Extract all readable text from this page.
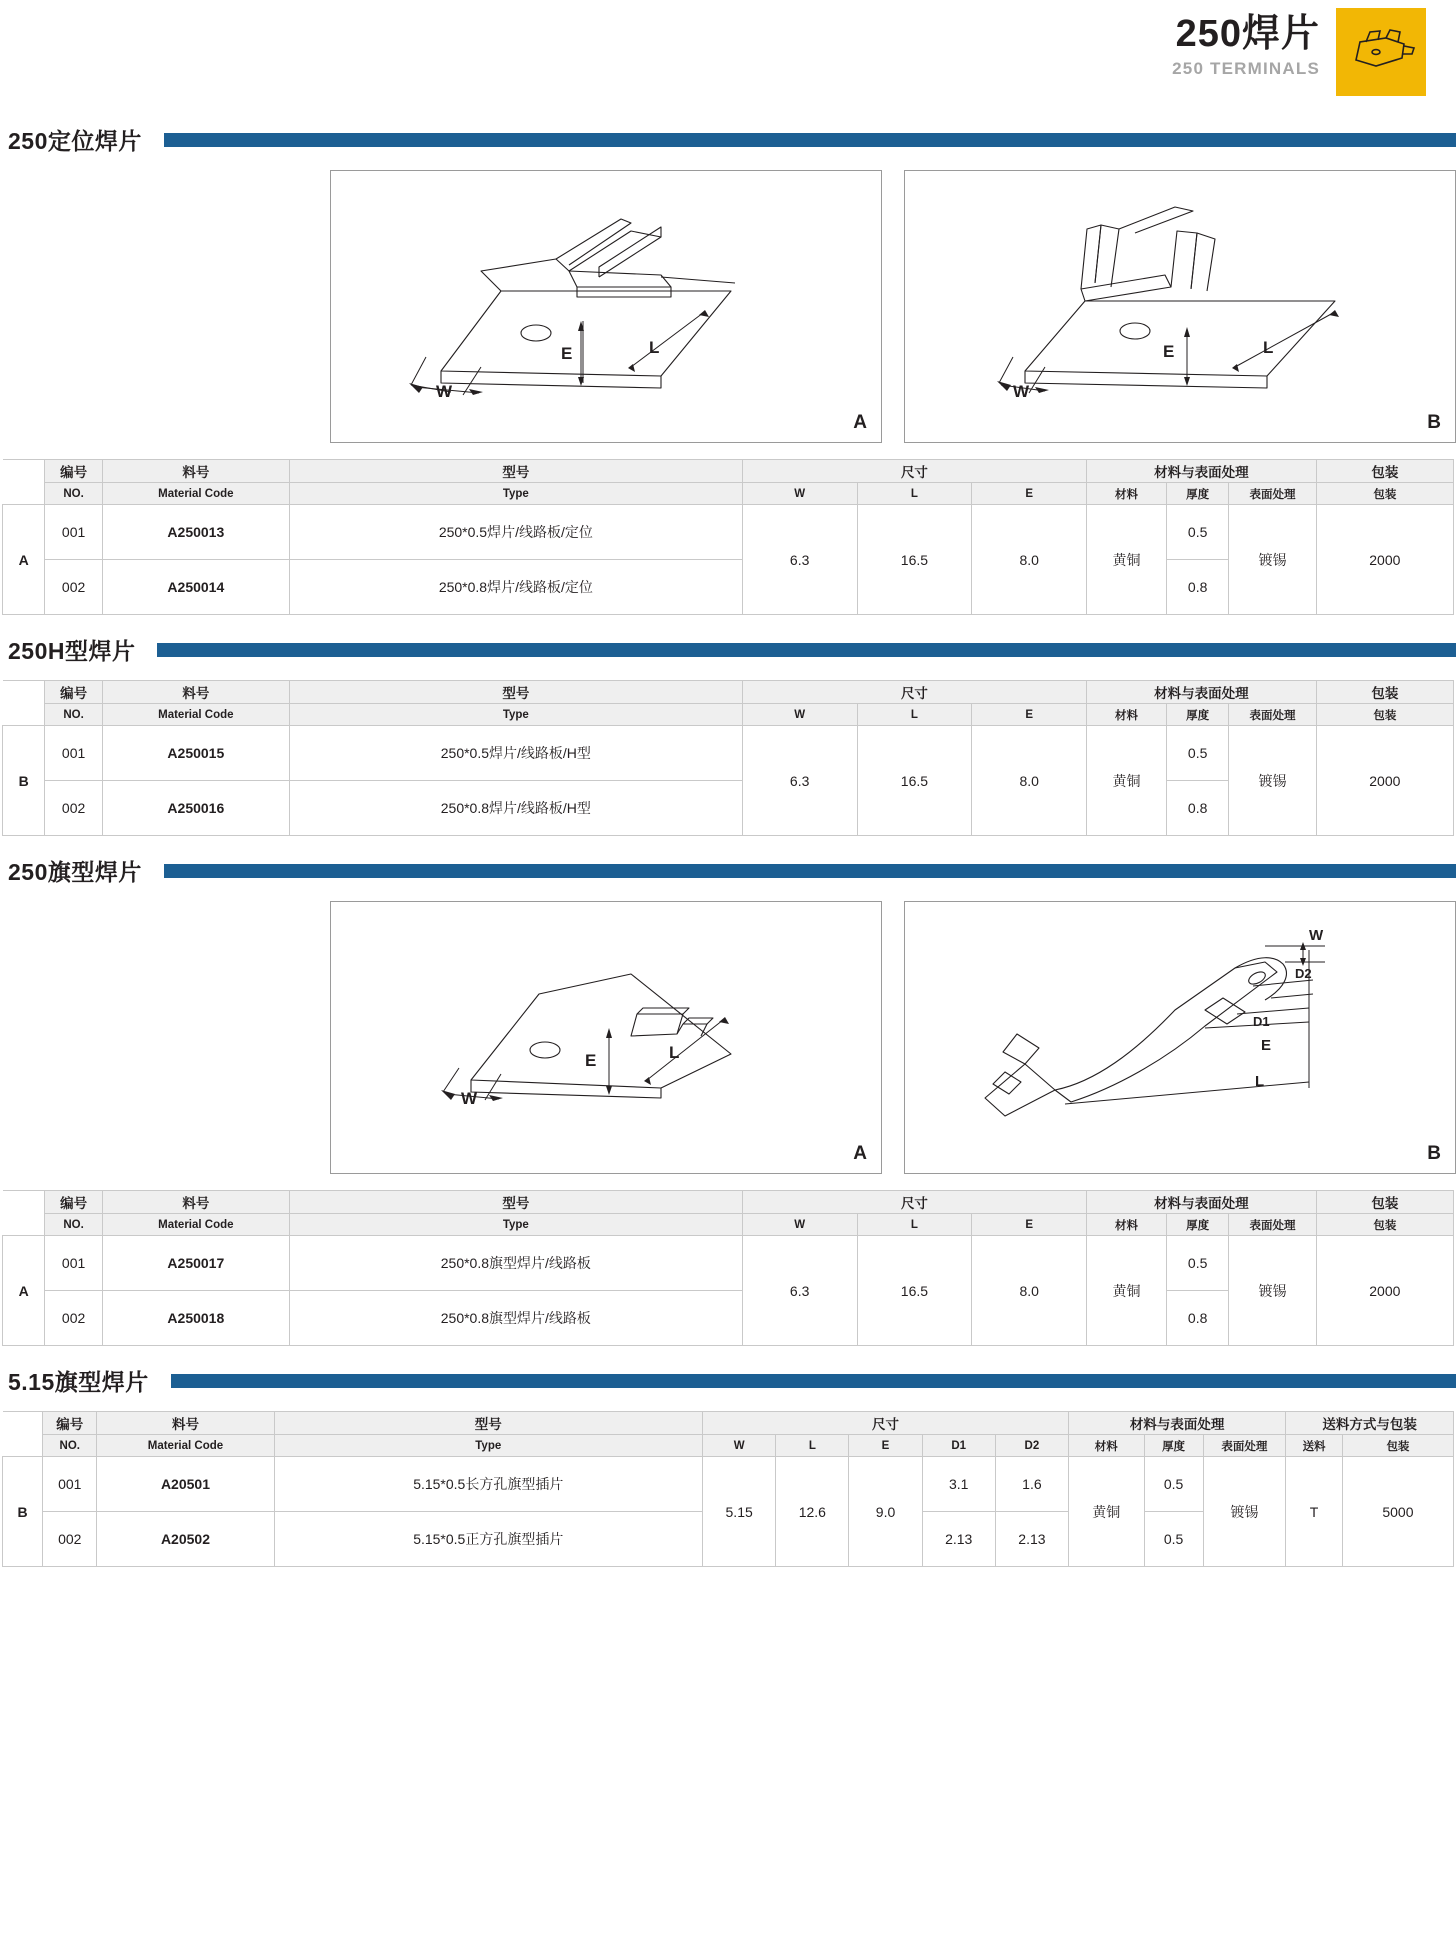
250焊片
250 TERMINALS
250定位焊片
W
E	L
A
W
E	L
B
	编号	料号	型号	尺寸			材料与表面处理			包装
	NO.	Material Code	Type	W	L	E	材料	厚度	表面处理	包装
A	001	A250013	250*0.5焊片/线路板/定位	6.3	16.5	8.0	黄铜	0.5	镀锡	2000
	002	A250014	250*0.8焊片/线路板/定位					0.8		
250H型焊片
	编号	料号	型号	尺寸			材料与表面处理			包装
	NO.	Material Code	Type	W	L	E	材料	厚度	表面处理	包装
B	001	A250015	250*0.5焊片/线路板/H型	6.3	16.5	8.0	黄铜	0.5	镀锡	2000
	002	A250016	250*0.8焊片/线路板/H型					0.8		
250旗型焊片
W
E	L
A
W
D2
D1
E
L
B
	编号	料号	型号	尺寸			材料与表面处理			包装
	NO.	Material Code	Type	W	L	E	材料	厚度	表面处理	包装
A	001	A250017	250*0.8旗型焊片/线路板	6.3	16.5	8.0	黄铜	0.5	镀锡	2000
	002	A250018	250*0.8旗型焊片/线路板					0.8		
5.15旗型焊片
	编号	料号	型号	尺寸					材料与表面处理			送料方式与包装	
	NO.	Material Code	Type	W	L	E	D1	D2	材料	厚度	表面处理	送料	包装
B	001	A20501	5.15*0.5长方孔旗型插片	5.15	12.6	9.0	3.1	1.6	黄铜	0.5	镀锡	T	5000
	002	A20502	5.15*0.5正方孔旗型插片				2.13	2.13		0.5			
